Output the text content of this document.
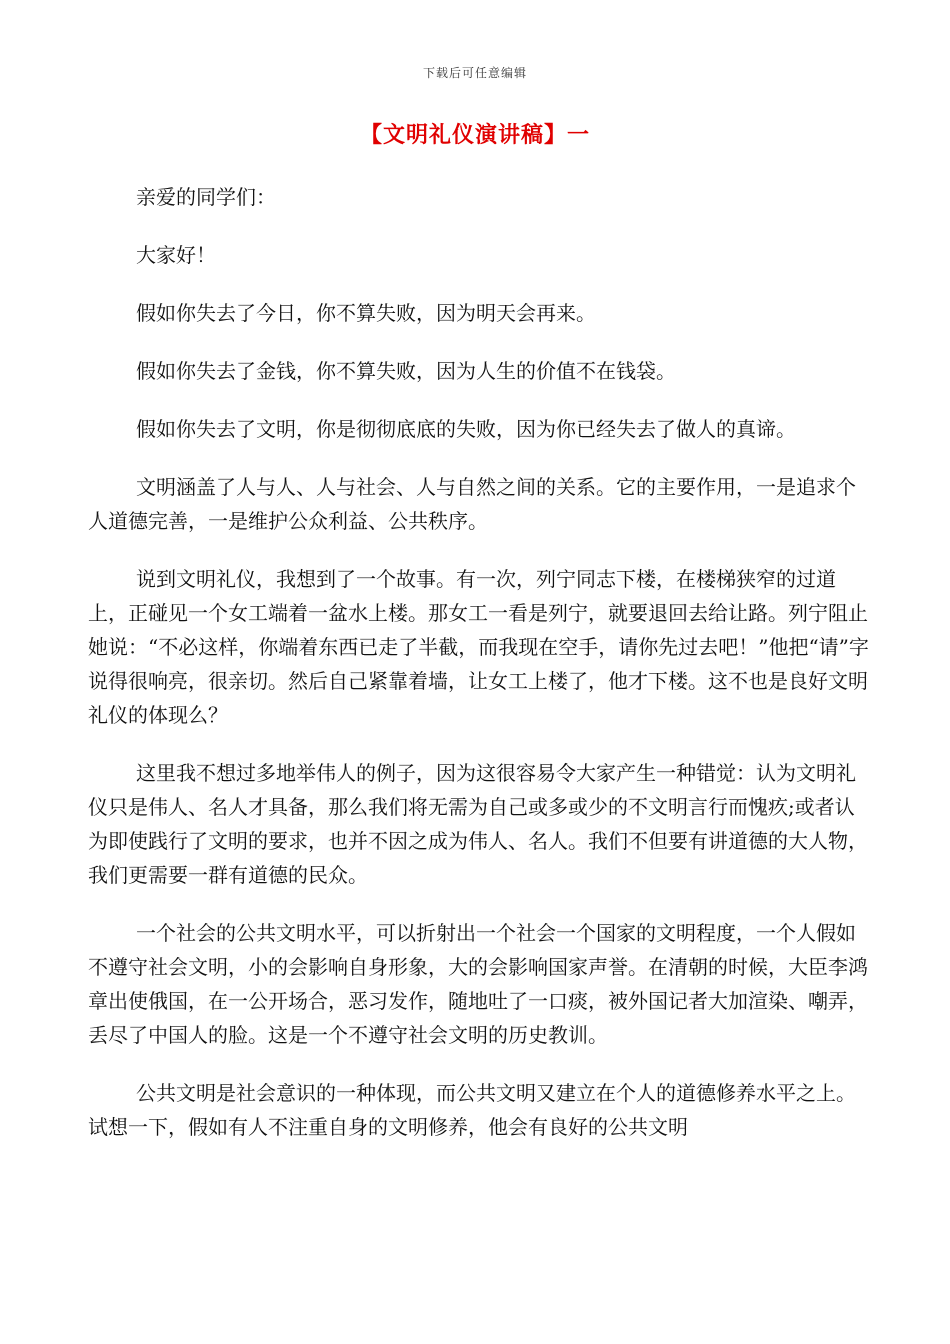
下载后可任意编辑
【文明礼仪演讲稿】一

亲爱的同学们：

大家好！

假如你失去了今日，你不算失败，因为明天会再来。

假如你失去了金钱，你不算失败，因为人生的价值不在钱袋。

假如你失去了文明，你是彻彻底底的失败，因为你已经失去了做人的真谛。

文明涵盖了人与人、人与社会、人与自然之间的关系。它的主要作用，一是追求个人道德完善，一是维护公众利益、公共秩序。

说到文明礼仪，我想到了一个故事。有一次，列宁同志下楼，在楼梯狭窄的过道上，正碰见一个女工端着一盆水上楼。那女工一看是列宁，就要退回去给让路。列宁阻止她说：“不必这样，你端着东西已走了半截，而我现在空手，请你先过去吧！”他把“请”字说得很响亮，很亲切。然后自己紧靠着墙，让女工上楼了，他才下楼。这不也是良好文明礼仪的体现么？

这里我不想过多地举伟人的例子，因为这很容易令大家产生一种错觉：认为文明礼仪只是伟人、名人才具备，那么我们将无需为自己或多或少的不文明言行而愧疚;或者认为即使践行了文明的要求，也并不因之成为伟人、名人。我们不但要有讲道德的大人物，我们更需要一群有道德的民众。

一个社会的公共文明水平，可以折射出一个社会一个国家的文明程度，一个人假如不遵守社会文明，小的会影响自身形象，大的会影响国家声誉。在清朝的时候，大臣李鸿章出使俄国，在一公开场合，恶习发作，随地吐了一口痰，被外国记者大加渲染、嘲弄，丢尽了中国人的脸。这是一个不遵守社会文明的历史教训。

公共文明是社会意识的一种体现，而公共文明又建立在个人的道德修养水平之上。试想一下，假如有人不注重自身的文明修养，他会有良好的公共文明
